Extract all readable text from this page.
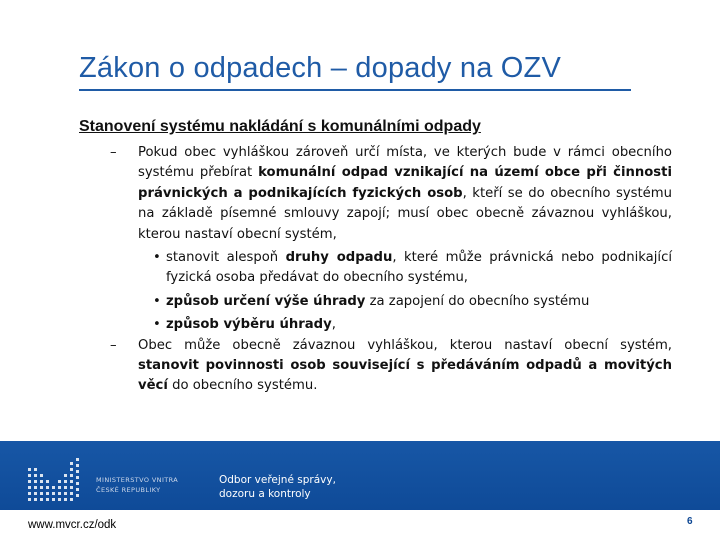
Zákon o odpadech – dopady na OZV
Stanovení systému nakládání s komunálními odpady
– Pokud obec vyhláškou zároveň určí místa, ve kterých bude v rámci obecního systému přebírat komunální odpad vznikající na území obce při činnosti právnických a podnikajících fyzických osob, kteří se do obecního systému na základě písemné smlouvy zapojí; musí obec obecně závaznou vyhláškou, kterou nastaví obecní systém,
• stanovit alespoň druhy odpadu, které může právnická nebo podnikající fyzická osoba předávat do obecního systému,
• způsob určení výše úhrady za zapojení do obecního systému
• způsob výběru úhrady,
– Obec může obecně závaznou vyhláškou, kterou nastaví obecní systém, stanovit povinnosti osob související s předáváním odpadů a movitých věcí do obecního systému.
MINISTERSTVO VNITRA
ČESKÉ REPUBLIKY
Odbor veřejné správy,
dozoru a kontroly
www.mvcr.cz/odk	6
